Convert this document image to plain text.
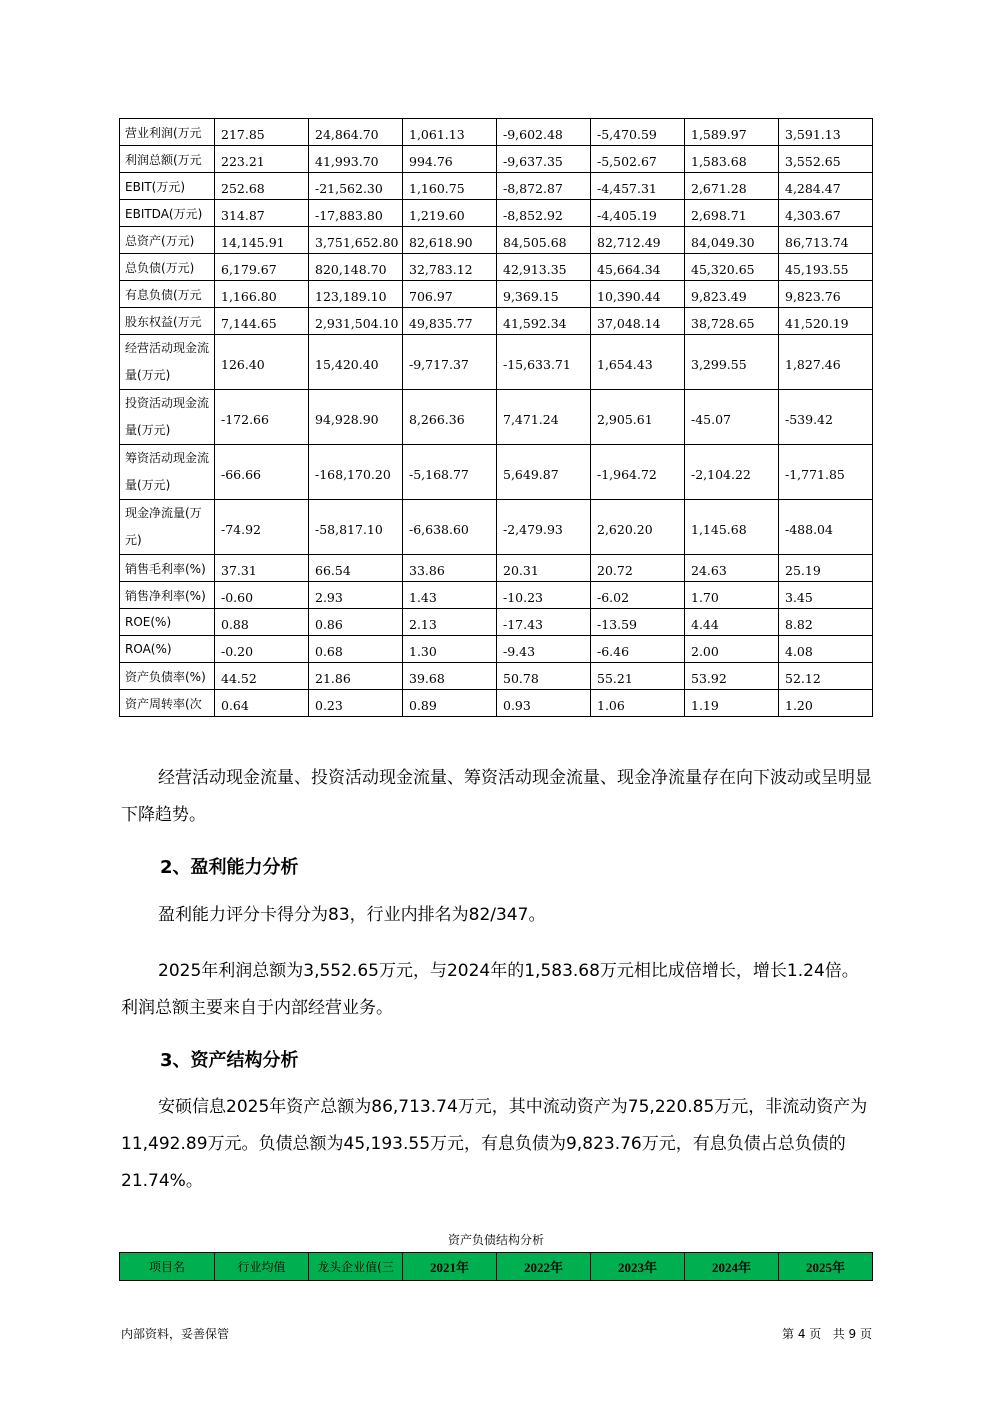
营业利润(万元	217.85	24,864.70	1,061.13	-9,602.48	-5,470.59	1,589.97	3,591.13
利润总额(万元	223.21	41,993.70	994.76	-9,637.35	-5,502.67	1,583.68	3,552.65
EBIT(万元)	252.68	-21,562.30	1,160.75	-8,872.87	-4,457.31	2,671.28	4,284.47
EBITDA(万元)	314.87	-17,883.80	1,219.60	-8,852.92	-4,405.19	2,698.71	4,303.67
总资产(万元)	14,145.91	3,751,652.80	82,618.90	84,505.68	82,712.49	84,049.30	86,713.74
总负债(万元)	6,179.67	820,148.70	32,783.12	42,913.35	45,664.34	45,320.65	45,193.55
有息负债(万元	1,166.80	123,189.10	706.97	9,369.15	10,390.44	9,823.49	9,823.76
股东权益(万元	7,144.65	2,931,504.10	49,835.77	41,592.34	37,048.14	38,728.65	41,520.19
经营活动现金流量(万元)	126.40	15,420.40	-9,717.37	-15,633.71	1,654.43	3,299.55	1,827.46
投资活动现金流量(万元)	-172.66	94,928.90	8,266.36	7,471.24	2,905.61	-45.07	-539.42
筹资活动现金流量(万元)	-66.66	-168,170.20	-5,168.77	5,649.87	-1,964.72	-2,104.22	-1,771.85
现金净流量(万元)	-74.92	-58,817.10	-6,638.60	-2,479.93	2,620.20	1,145.68	-488.04
销售毛利率(%)	37.31	66.54	33.86	20.31	20.72	24.63	25.19
销售净利率(%)	-0.60	2.93	1.43	-10.23	-6.02	1.70	3.45
ROE(%)	0.88	0.86	2.13	-17.43	-13.59	4.44	8.82
ROA(%)	-0.20	0.68	1.30	-9.43	-6.46	2.00	4.08
资产负债率(%)	44.52	21.86	39.68	50.78	55.21	53.92	52.12
资产周转率(次	0.64	0.23	0.89	0.93	1.06	1.19	1.20
经营活动现金流量、投资活动现金流量、筹资活动现金流量、现金净流量存在向下波动或呈明显下降趋势。
2、盈利能力分析
盈利能力评分卡得分为83，行业内排名为82/347。
2025年利润总额为3,552.65万元，与2024年的1,583.68万元相比成倍增长，增长1.24倍。利润总额主要来自于内部经营业务。
3、资产结构分析
安硕信息2025年资产总额为86,713.74万元，其中流动资产为75,220.85万元，非流动资产为11,492.89万元。负债总额为45,193.55万元，有息负债为9,823.76万元，有息负债占总负债的21.74%。
资产负债结构分析
项目名	行业均值	龙头企业值(三	2021年	2022年	2023年	2024年	2025年
内部资料，妥善保管	第 4 页   共 9 页
